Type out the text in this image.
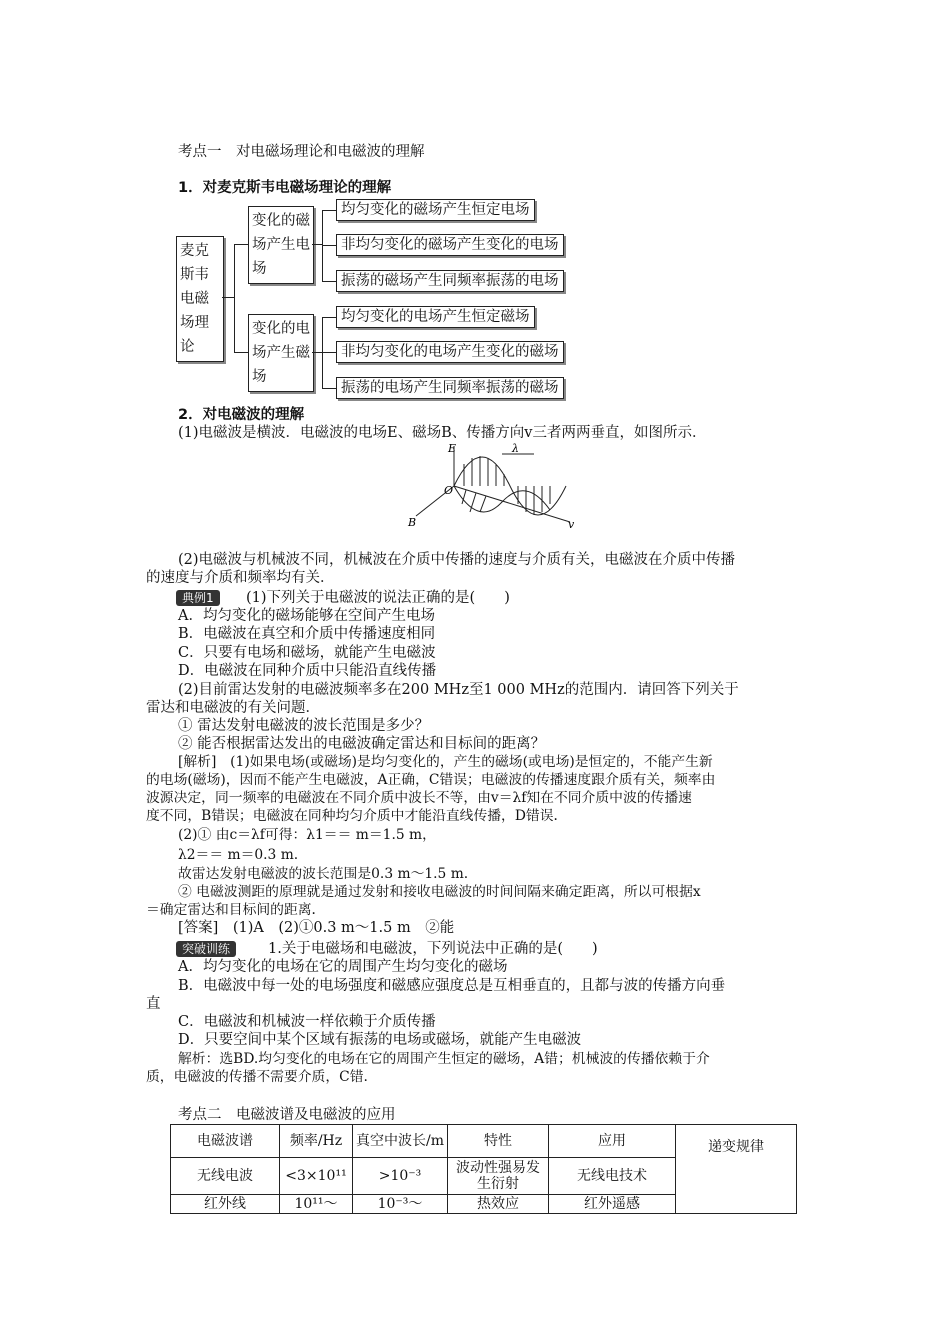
考点一　对电磁场理论和电磁波的理解
1．对麦克斯韦电磁场理论的理解
麦克斯韦电磁场理论
变化的磁场产生电场
均匀变化的磁场产生恒定电场
非均匀变化的磁场产生变化的电场
振荡的磁场产生同频率振荡的电场
变化的电场产生磁场
均匀变化的电场产生恒定磁场
非均匀变化的电场产生变化的磁场
振荡的电场产生同频率振荡的磁场
2．对电磁波的理解
(1)电磁波是横波．电磁波的电场E、磁场B、传播方向v三者两两垂直，如图所示．
E	λ
O
B	v
(2)电磁波与机械波不同，机械波在介质中传播的速度与介质有关，电磁波在介质中传播
的速度与介质和频率均有关．
典例1	(1)下列关于电磁波的说法正确的是(　　)
A．均匀变化的磁场能够在空间产生电场
B．电磁波在真空和介质中传播速度相同
C．只要有电场和磁场，就能产生电磁波
D．电磁波在同种介质中只能沿直线传播
(2)目前雷达发射的电磁波频率多在200 MHz至1 000 MHz的范围内．请回答下列关于
雷达和电磁波的有关问题．
① 雷达发射电磁波的波长范围是多少？
② 能否根据雷达发出的电磁波确定雷达和目标间的距离？
[解析]　(1)如果电场(或磁场)是均匀变化的，产生的磁场(或电场)是恒定的，不能产生新
的电场(磁场)，因而不能产生电磁波，A正确，C错误；电磁波的传播速度跟介质有关，频率由
波源决定，同一频率的电磁波在不同介质中波长不等，由v＝λf知在不同介质中波的传播速
度不同，B错误；电磁波在同种均匀介质中才能沿直线传播，D错误．
(2)① 由c＝λf可得：λ1＝＝ m＝1.5 m，
λ2＝＝ m＝0.3 m.
故雷达发射电磁波的波长范围是0.3 m～1.5 m.
② 电磁波测距的原理就是通过发射和接收电磁波的时间间隔来确定距离，所以可根据x
＝确定雷达和目标间的距离．
[答案]　(1)A　(2)①0.3 m～1.5 m　②能
突破训练	1.关于电磁场和电磁波，下列说法中正确的是(　　)
A．均匀变化的电场在它的周围产生均匀变化的磁场
B．电磁波中每一处的电场强度和磁感应强度总是互相垂直的，且都与波的传播方向垂
直
C．电磁波和机械波一样依赖于介质传播
D．只要空间中某个区域有振荡的电场或磁场，就能产生电磁波
解析：选BD.均匀变化的电场在它的周围产生恒定的磁场，A错；机械波的传播依赖于介
质，电磁波的传播不需要介质，C错.
考点二　电磁波谱及电磁波的应用
电磁波谱	频率/Hz	真空中波长/m	特性	应用	递变规律

无线电波	<3×10¹¹	>10⁻³	波动性强易发生衍射	无线电技术	
红外线	10¹¹～	10⁻³～	热效应	红外遥感	
